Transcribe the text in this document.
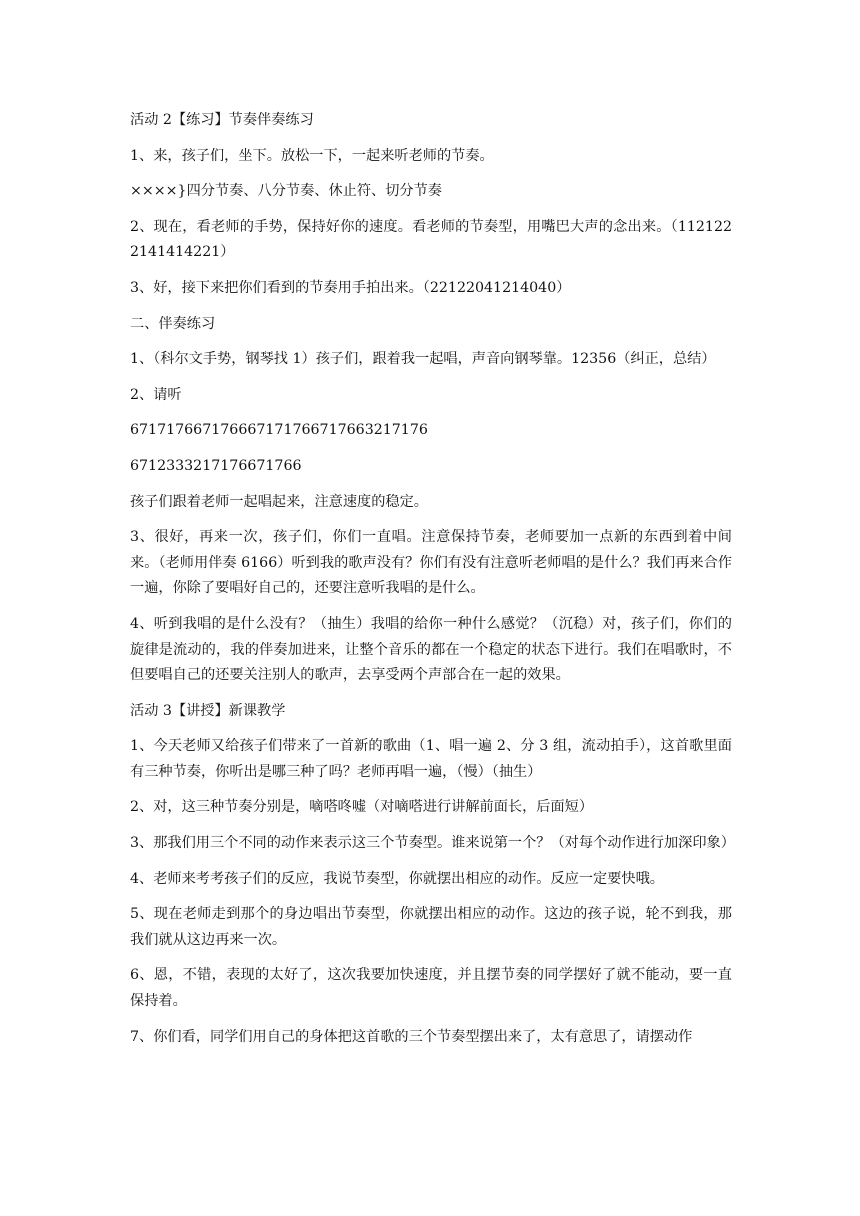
活动 2【练习】节奏伴奏练习

1、来，孩子们，坐下。放松一下，一起来听老师的节奏。

××××}四分节奏、八分节奏、休止符、切分节奏

2、现在，看老师的手势，保持好你的速度。看老师的节奏型，用嘴巴大声的念出来。（1121222141414221）

3、好，接下来把你们看到的节奏用手拍出来。（22122041214040）

二、伴奏练习

1、（科尔文手势，钢琴找 1）孩子们，跟着我一起唱，声音向钢琴靠。12356（纠正，总结）

2、请听

67171766717666717176671766321717​6

6712333217176671766

孩子们跟着老师一起唱起来，注意速度的稳定。

3、很好，再来一次，孩子们，你们一直唱。注意保持节奏，老师要加一点新的东西到着中间来。（老师用伴奏 6166）听到我的歌声没有？你们有没有注意听老师唱的是什么？我们再来合作一遍，你除了要唱好自己的，还要注意听我唱的是什么。

4、听到我唱的是什么没有？（抽生）我唱的给你一种什么感觉？（沉稳）对，孩子们，你们的旋律是流动的，我的伴奏加进来，让整个音乐的都在一个稳定的状态下进行。我们在唱歌时，不但要唱自己的还要关注别人的歌声，去享受两个声部合在一起的效果。

活动 3【讲授】新课教学

1、今天老师又给孩子们带来了一首新的歌曲（1、唱一遍 2、分 3 组，流动拍手），这首歌里面有三种节奏，你听出是哪三种了吗？老师再唱一遍，（慢）（抽生）

2、对，这三种节奏分别是，嘀嗒咚嘘（对嘀嗒进行讲解前面长，后面短）

3、那我们用三个不同的动作来表示这三个节奏型。谁来说第一个？（对每个动作进行加深印象）

4、老师来考考孩子们的反应，我说节奏型，你就摆出相应的动作。反应一定要快哦。

5、现在老师走到那个的身边唱出节奏型，你就摆出相应的动作。这边的孩子说，轮不到我，那我们就从这边再来一次。

6、恩，不错，表现的太好了，这次我要加快速度，并且摆节奏的同学摆好了就不能动，要一直保持着。

7、你们看，同学们用自己的身体把这首歌的三个节奏型摆出来了，太有意思了，请摆动作
